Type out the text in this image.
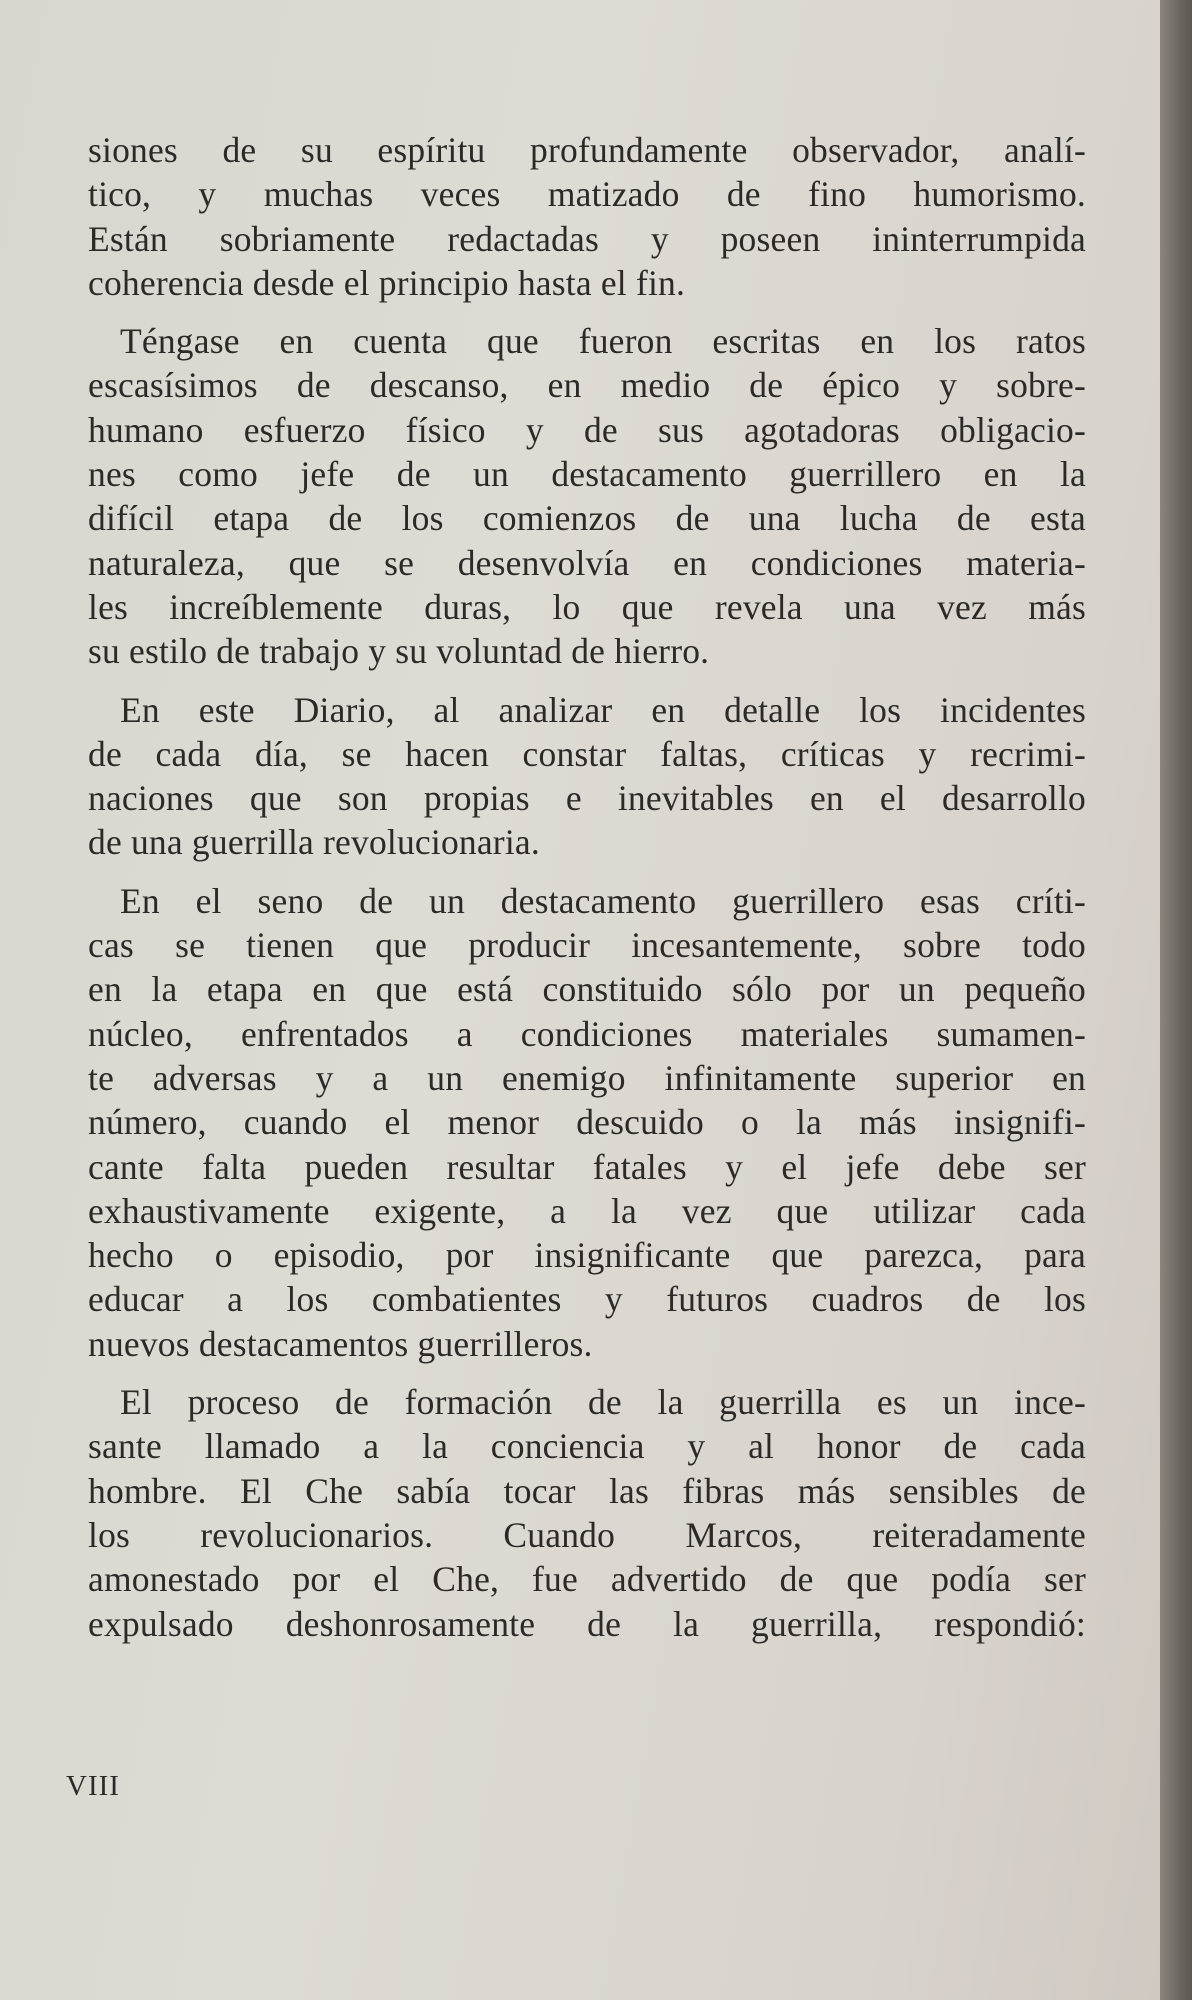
siones de su espíritu profundamente observador, analí-
tico, y muchas veces matizado de fino humorismo.
Están sobriamente redactadas y poseen ininterrumpida
coherencia desde el principio hasta el fin.
Téngase en cuenta que fueron escritas en los ratos
escasísimos de descanso, en medio de épico y sobre-
humano esfuerzo físico y de sus agotadoras obligacio-
nes como jefe de un destacamento guerrillero en la
difícil etapa de los comienzos de una lucha de esta
naturaleza, que se desenvolvía en condiciones materia-
les increíblemente duras, lo que revela una vez más
su estilo de trabajo y su voluntad de hierro.
En este Diario, al analizar en detalle los incidentes
de cada día, se hacen constar faltas, críticas y recrimi-
naciones que son propias e inevitables en el desarrollo
de una guerrilla revolucionaria.
En el seno de un destacamento guerrillero esas críti-
cas se tienen que producir incesantemente, sobre todo
en la etapa en que está constituido sólo por un pequeño
núcleo, enfrentados a condiciones materiales sumamen-
te adversas y a un enemigo infinitamente superior en
número, cuando el menor descuido o la más insignifi-
cante falta pueden resultar fatales y el jefe debe ser
exhaustivamente exigente, a la vez que utilizar cada
hecho o episodio, por insignificante que parezca, para
educar a los combatientes y futuros cuadros de los
nuevos destacamentos guerrilleros.
El proceso de formación de la guerrilla es un ince-
sante llamado a la conciencia y al honor de cada
hombre. El Che sabía tocar las fibras más sensibles de
los revolucionarios. Cuando Marcos, reiteradamente
amonestado por el Che, fue advertido de que podía ser
expulsado deshonrosamente de la guerrilla, respondió:
VIII
